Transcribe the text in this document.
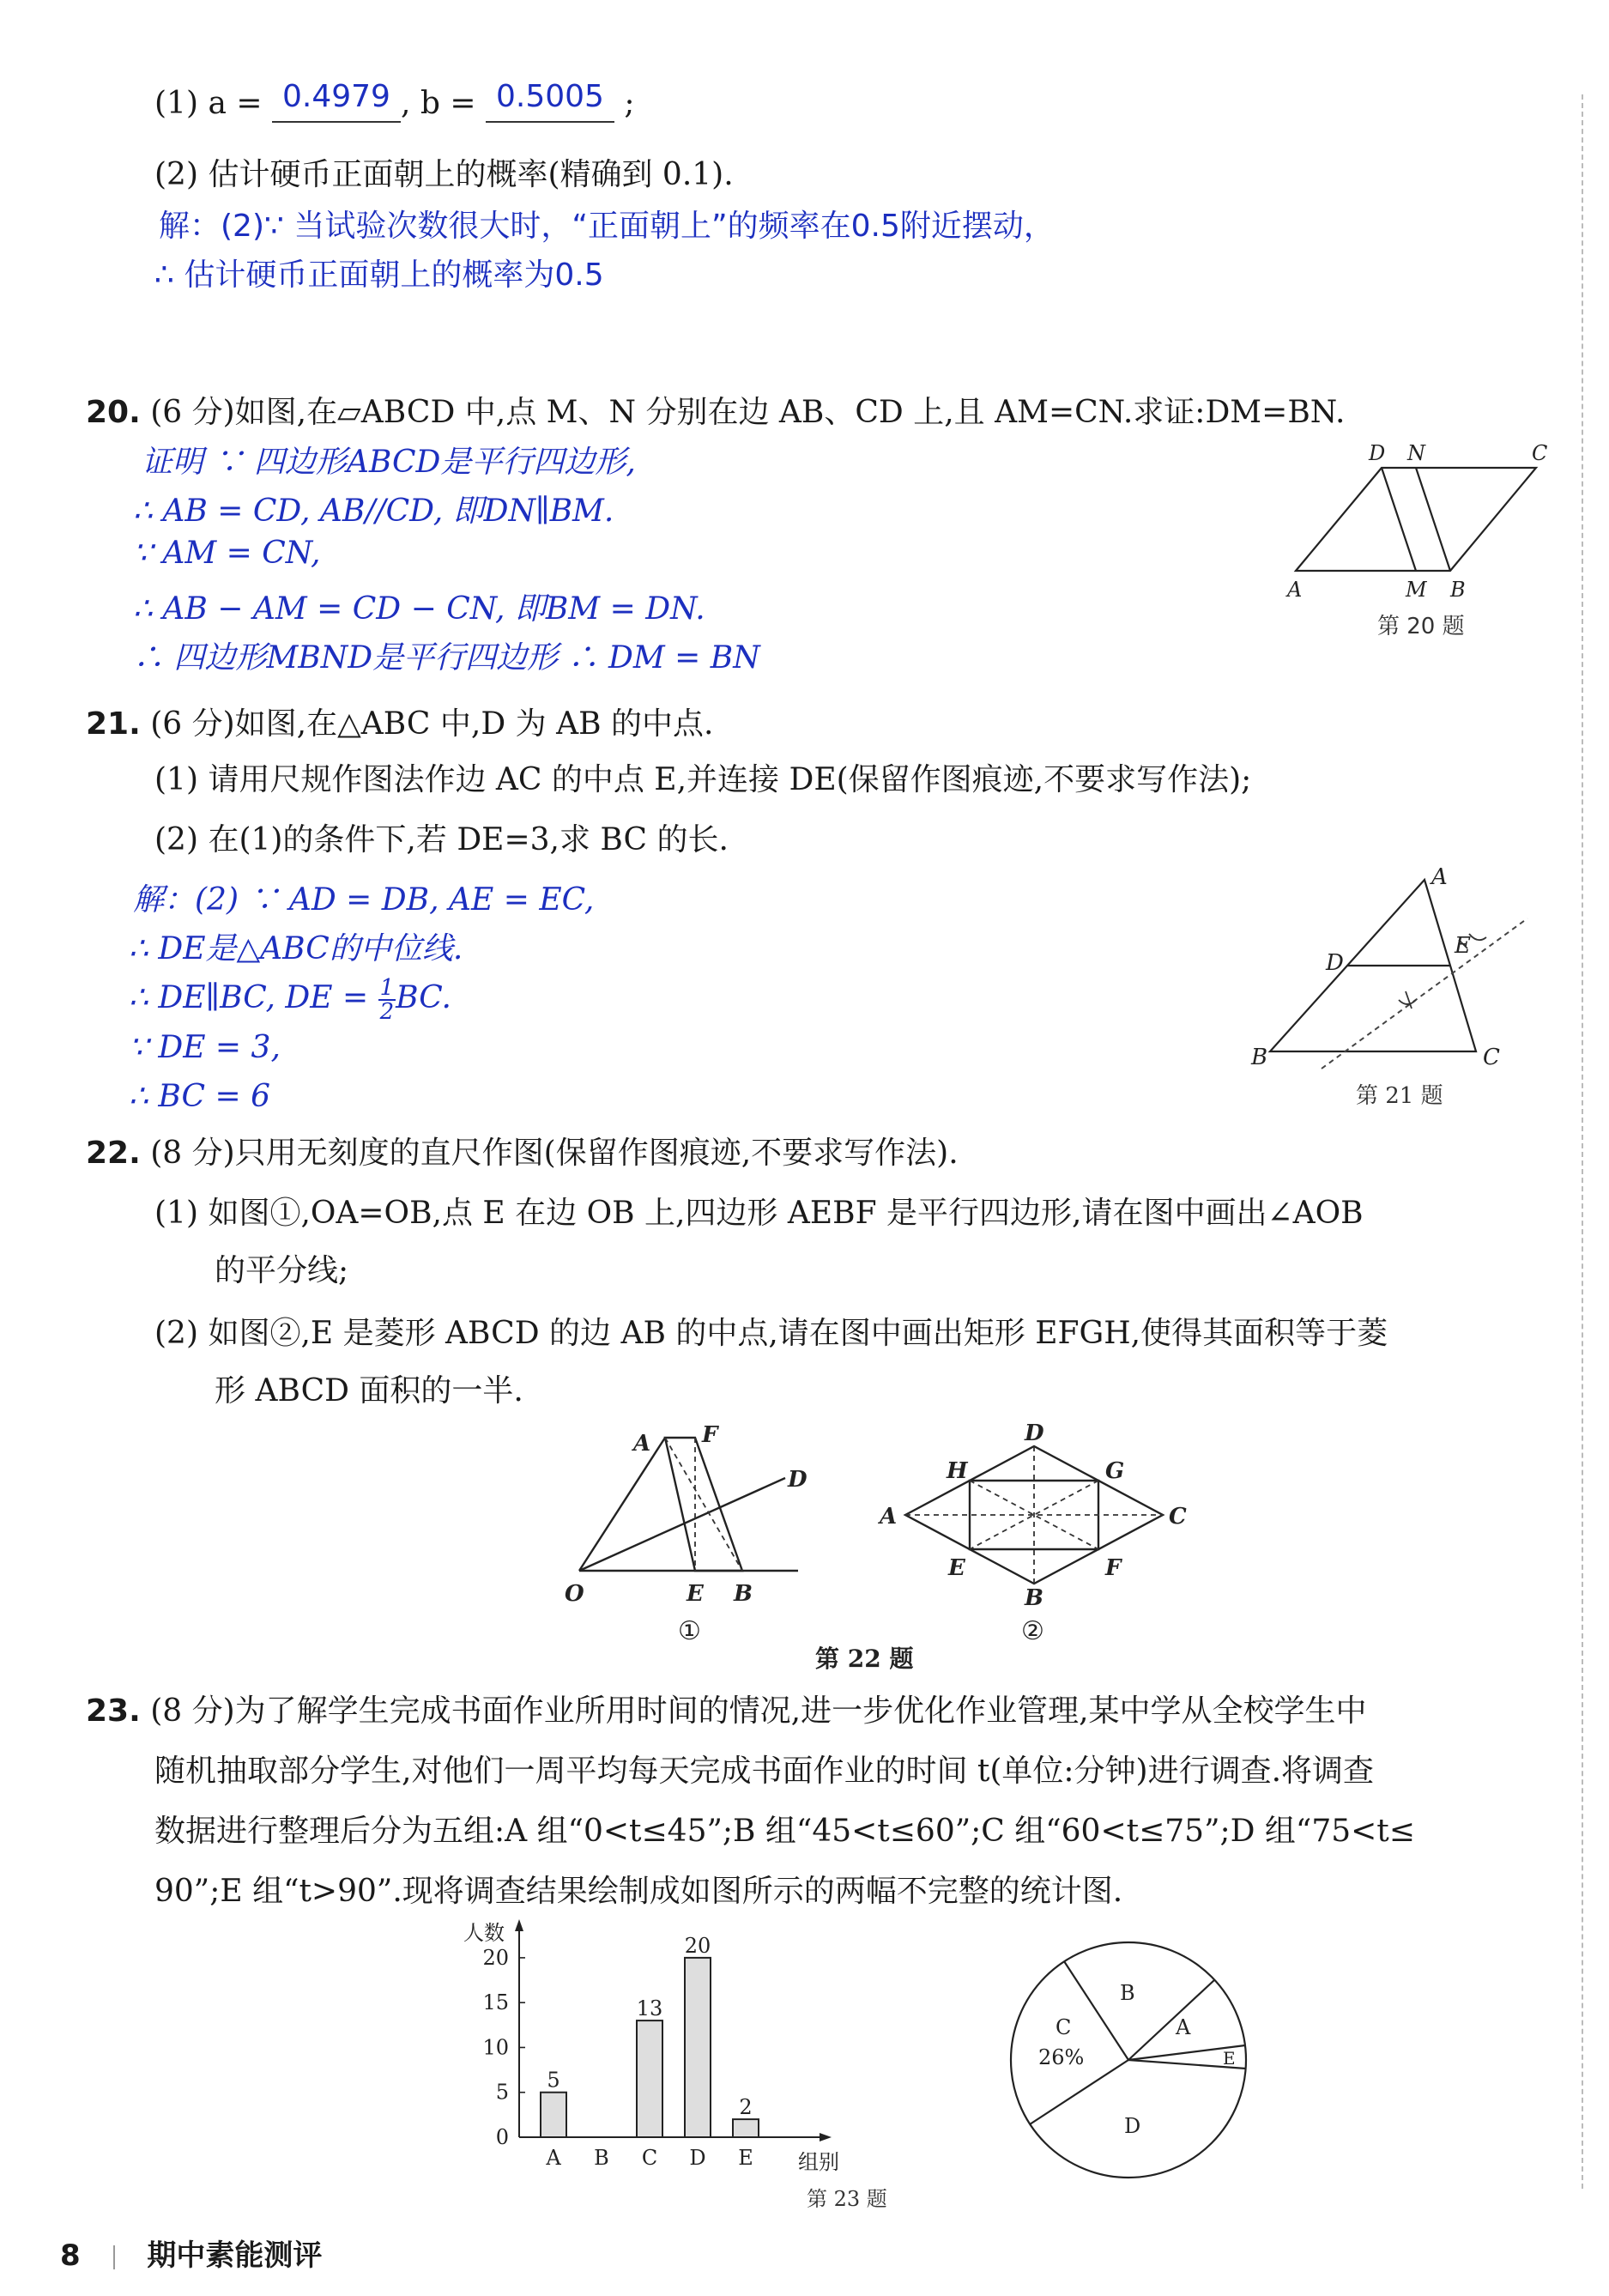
(1) a = 0.4979 , b = 0.5005 ;
(2) 估计硬币正面朝上的概率(精确到 0.1).
解：(2)∵ 当试验次数很大时，“正面朝上”的频率在0.5附近摆动，
∴ 估计硬币正面朝上的概率为0.5
20. (6 分)如图,在▱ABCD 中,点 M、N 分别在边 AB、CD 上,且 AM=CN.求证:DM=BN.
证明 ∵ 四边形ABCD是平行四边形,
∴ AB = CD, AB//CD, 即DN∥BM.
∵ AM = CN,
∴ AB − AM = CD − CN, 即BM = DN.
∴ 四边形MBND是平行四边形 ∴ DM = BN
D N	C
A	M B
第 20 题
21. (6 分)如图,在△ABC 中,D 为 AB 的中点.
(1) 请用尺规作图法作边 AC 的中点 E,并连接 DE(保留作图痕迹,不要求写作法);
(2) 在(1)的条件下,若 DE=3,求 BC 的长.
解：(2) ∵ AD = DB, AE = EC,
∴ DE是△ABC的中位线.
∴ DE∥BC, DE = $\frac{1}{2}$ BC.
∵ DE = 3,
∴ BC = 6
A
D
E
B	C
第 21 题
22. (8 分)只用无刻度的直尺作图(保留作图痕迹,不要求写作法).
(1) 如图①,OA=OB,点 E 在边 OB 上,四边形 AEBF 是平行四边形,请在图中画出∠AOB
的平分线;
(2) 如图②,E 是菱形 ABCD 的边 AB 的中点,请在图中画出矩形 EFGH,使得其面积等于菱
形 ABCD 面积的一半.
A F
D
O	E B
①
D
H	G
A	C
E	F
B
②
第 22 题
23. (8 分)为了解学生完成书面作业所用时间的情况,进一步优化作业管理,某中学从全校学生中
随机抽取部分学生,对他们一周平均每天完成书面作业的时间 t(单位:分钟)进行调查.将调查
数据进行整理后分为五组:A 组“0<t≤45”;B 组“45<t≤60”;C 组“60<t≤75”;D 组“75<t≤
90”;E 组“t>90”.现将调查结果绘制成如图所示的两幅不完整的统计图.
0
5
10
15
20
5
A B
13
C
20
D
2
E
人数
组别
第 23 题
B
A
E
C
26%
D
8 期中素能测评
